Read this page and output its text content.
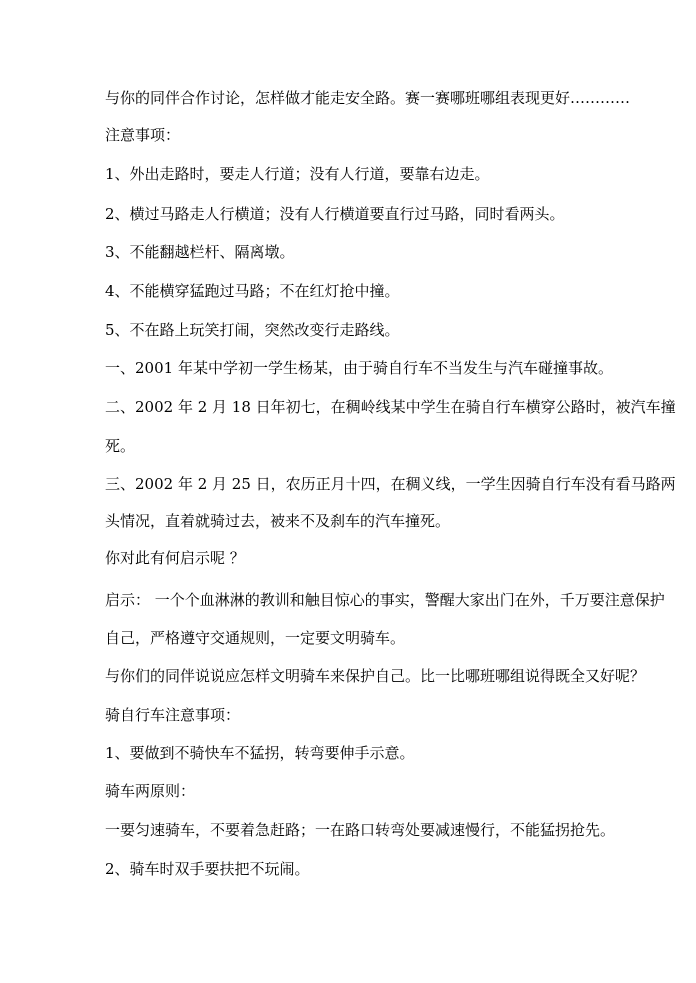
与你的同伴合作讨论，怎样做才能走安全路。赛一赛哪班哪组表现更好…………
注意事项：
1、外出走路时，要走人行道；没有人行道，要靠右边走。
2、横过马路走人行横道；没有人行横道要直行过马路，同时看两头。
3、不能翻越栏杆、隔离墩。
4、不能横穿猛跑过马路；不在红灯抢中撞。
5、不在路上玩笑打闹，突然改变行走路线。
一、2001 年某中学初一学生杨某，由于骑自行车不当发生与汽车碰撞事故。
二、2002 年 2 月 18 日年初七，在稠岭线某中学生在骑自行车横穿公路时，被汽车撞
死。
三、2002 年 2 月 25 日，农历正月十四，在稠义线，一学生因骑自行车没有看马路两
头情况，直着就骑过去，被来不及刹车的汽车撞死。
你对此有何启示呢 ？
启示： 一个个血淋淋的教训和触目惊心的事实，警醒大家出门在外，千万要注意保护
自己，严格遵守交通规则，一定要文明骑车。
与你们的同伴说说应怎样文明骑车来保护自己。比一比哪班哪组说得既全又好呢？
骑自行车注意事项：
1、要做到不骑快车不猛拐，转弯要伸手示意。
骑车两原则：
一要匀速骑车，不要着急赶路；一在路口转弯处要减速慢行，不能猛拐抢先。
2、骑车时双手要扶把不玩闹。
